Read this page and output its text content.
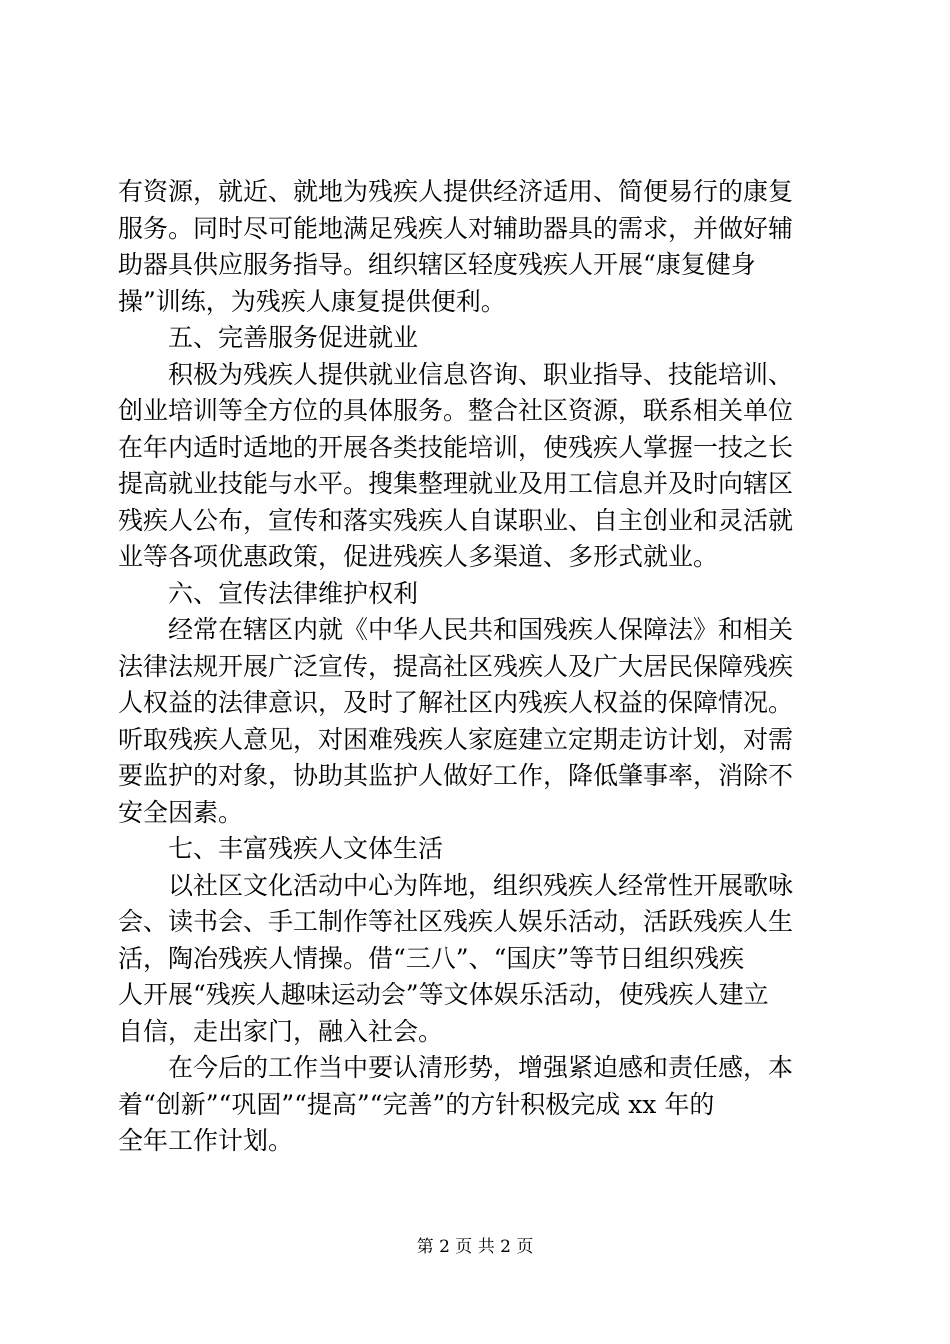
有资源，就近、就地为残疾人提供经济适用、简便易行的康复
服务。同时尽可能地满足残疾人对辅助器具的需求，并做好辅
助器具供应服务指导。组织辖区轻度残疾人开展“康复健身
操”训练，为残疾人康复提供便利。
　　五、完善服务促进就业
　　积极为残疾人提供就业信息咨询、职业指导、技能培训、
创业培训等全方位的具体服务。整合社区资源，联系相关单位
在年内适时适地的开展各类技能培训，使残疾人掌握一技之长
提高就业技能与水平。搜集整理就业及用工信息并及时向辖区
残疾人公布，宣传和落实残疾人自谋职业、自主创业和灵活就
业等各项优惠政策，促进残疾人多渠道、多形式就业。
　　六、宣传法律维护权利
　　经常在辖区内就《中华人民共和国残疾人保障法》和相关
法律法规开展广泛宣传，提高社区残疾人及广大居民保障残疾
人权益的法律意识，及时了解社区内残疾人权益的保障情况。
听取残疾人意见，对困难残疾人家庭建立定期走访计划，对需
要监护的对象，协助其监护人做好工作，降低肇事率，消除不
安全因素。
　　七、丰富残疾人文体生活
　　以社区文化活动中心为阵地，组织残疾人经常性开展歌咏
会、读书会、手工制作等社区残疾人娱乐活动，活跃残疾人生
活，陶冶残疾人情操。借“三八”、“国庆”等节日组织残疾
人开展“残疾人趣味运动会”等文体娱乐活动，使残疾人建立
自信，走出家门，融入社会。
　　在今后的工作当中要认清形势，增强紧迫感和责任感，本
着“创新”“巩固”“提高”“完善”的方针积极完成 xx 年的
全年工作计划。
第 2 页 共 2 页
